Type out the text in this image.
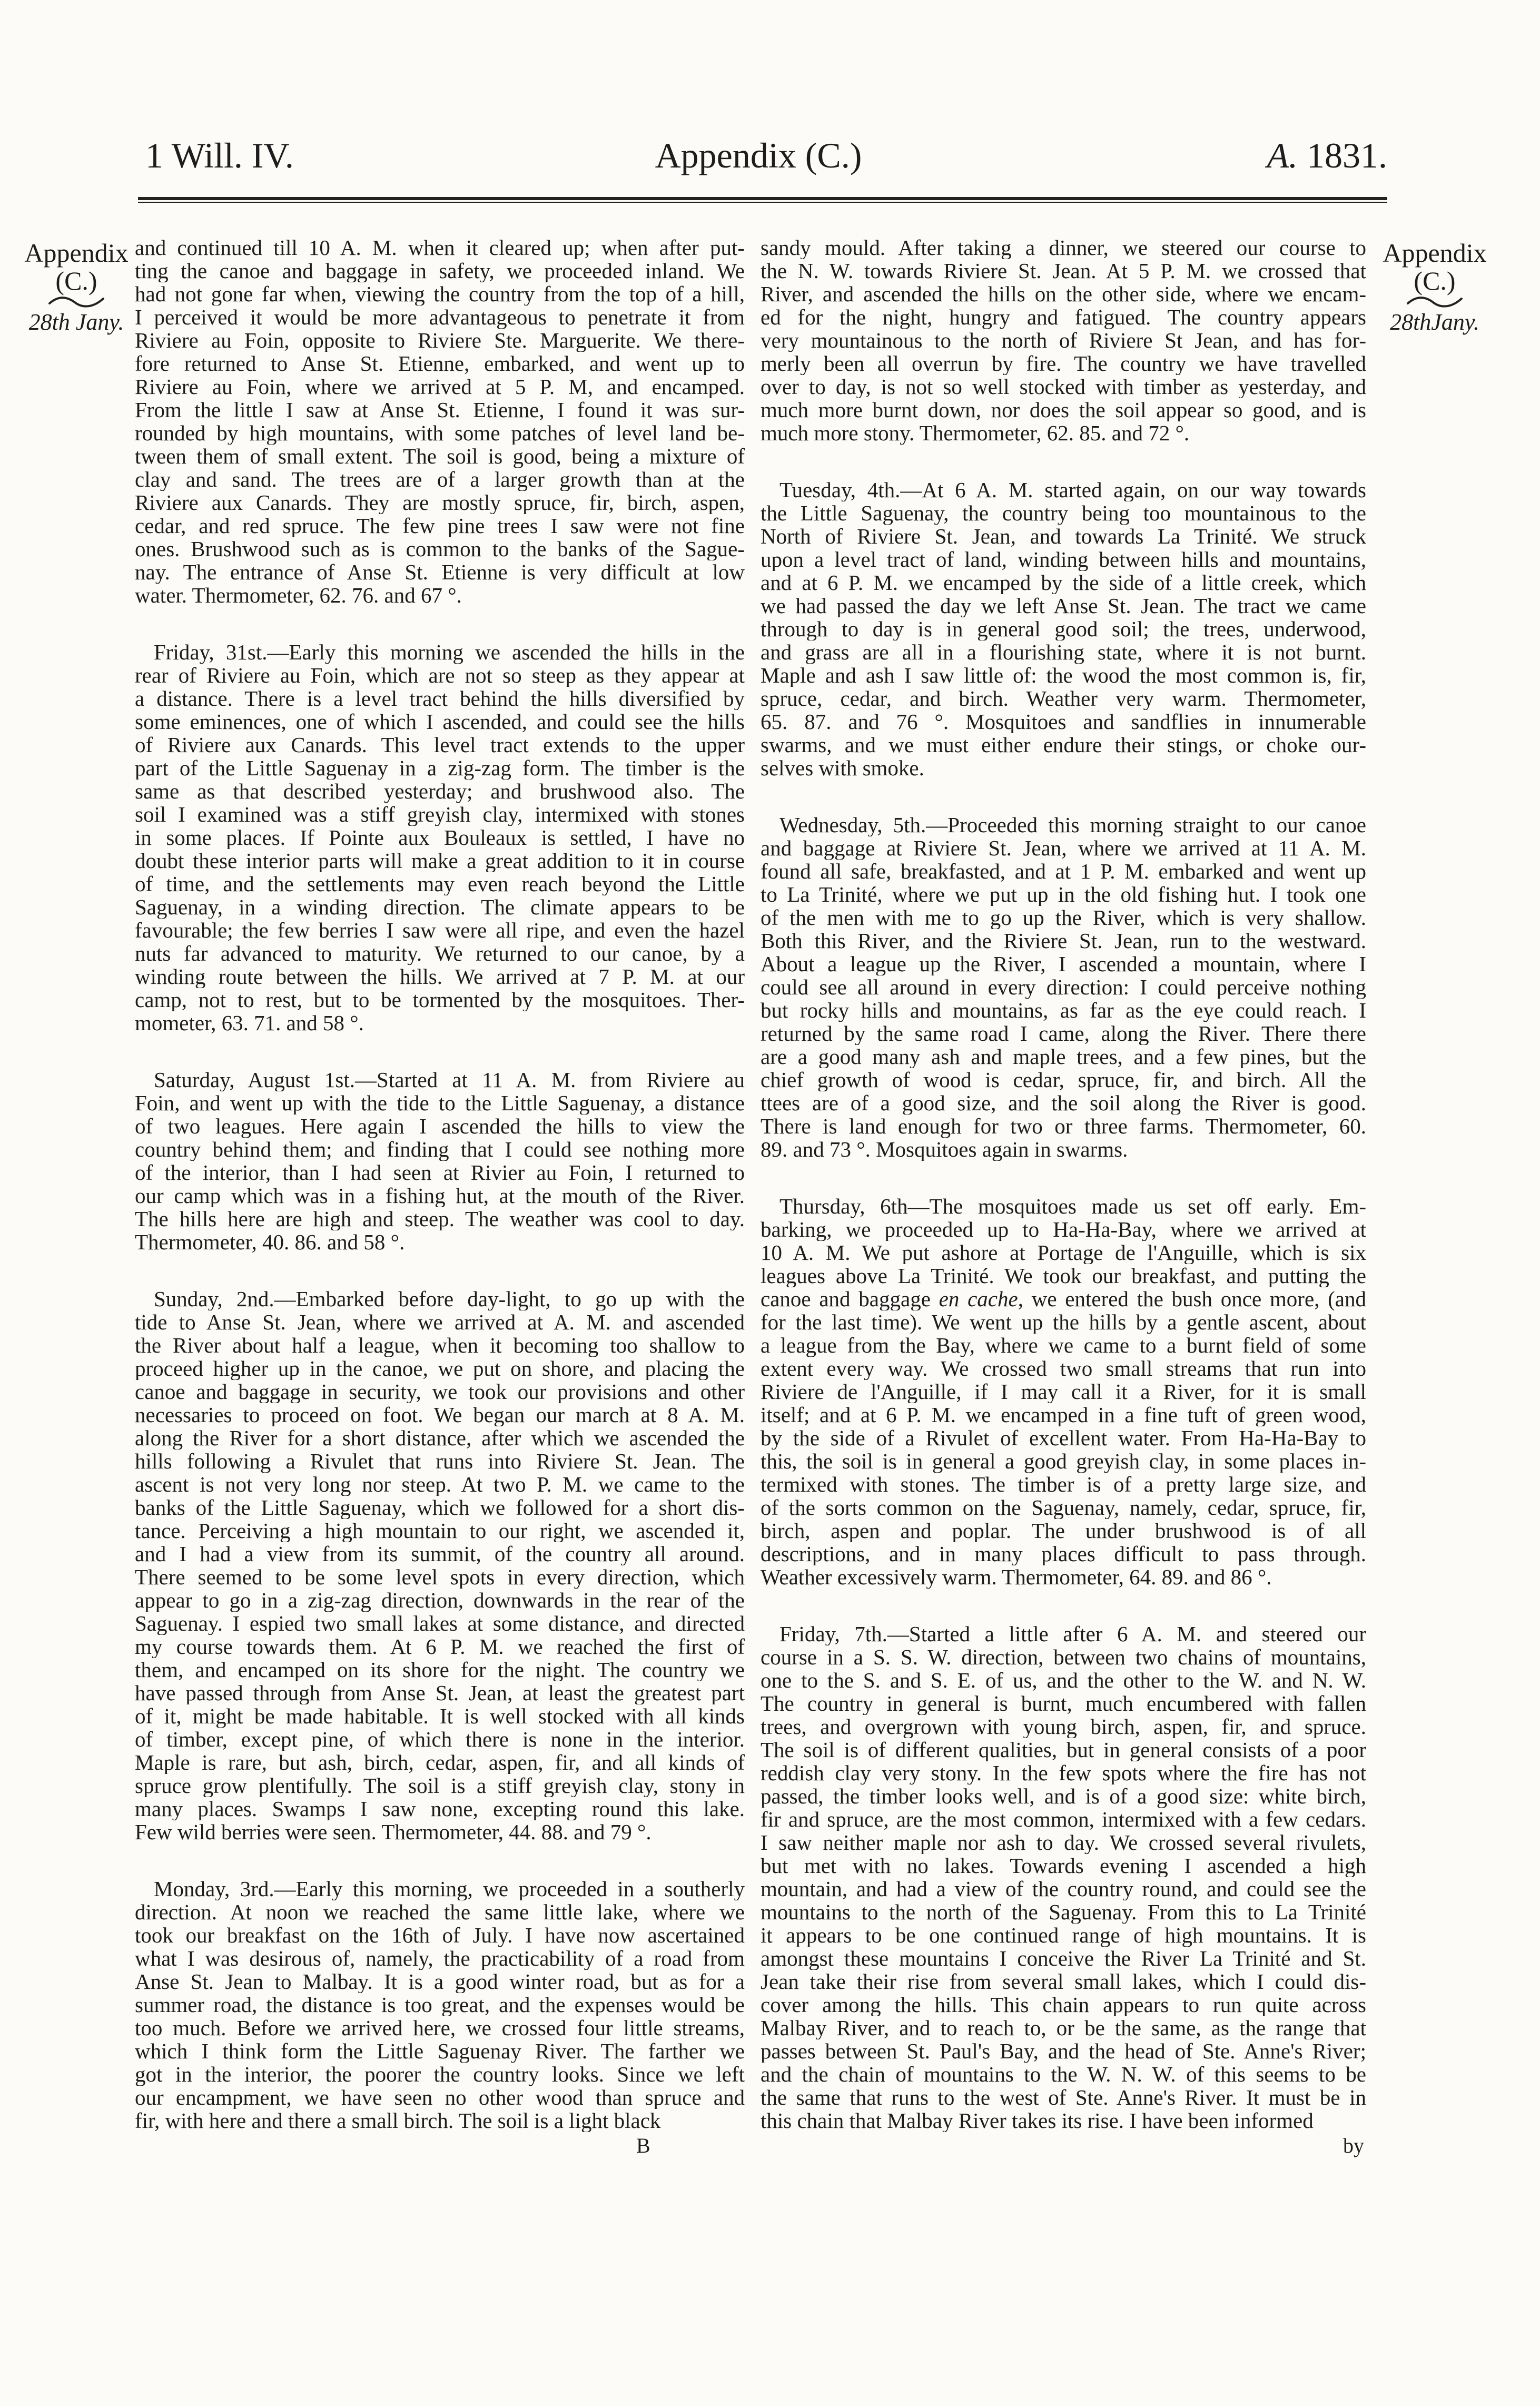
1 Will. IV.	Appendix (C.)	A. 1831.
Appendix
(C.)
28th Jany.
Appendix
(C.)
28thJany.
and continued till 10 A. M. when it cleared up; when after put-
ting the canoe and baggage in safety, we proceeded inland. We
had not gone far when, viewing the country from the top of a hill,
I perceived it would be more advantageous to penetrate it from
Riviere au Foin, opposite to Riviere Ste. Marguerite. We there-
fore returned to Anse St. Etienne, embarked, and went up to
Riviere au Foin, where we arrived at 5 P. M, and encamped.
From the little I saw at Anse St. Etienne, I found it was sur-
rounded by high mountains, with some patches of level land be-
tween them of small extent. The soil is good, being a mixture of
clay and sand. The trees are of a larger growth than at the
Riviere aux Canards. They are mostly spruce, fir, birch, aspen,
cedar, and red spruce. The few pine trees I saw were not fine
ones. Brushwood such as is common to the banks of the Sague-
nay. The entrance of Anse St. Etienne is very difficult at low
water. Thermometer, 62. 76. and 67 °.
Friday, 31st.—Early this morning we ascended the hills in the
rear of Riviere au Foin, which are not so steep as they appear at
a distance. There is a level tract behind the hills diversified by
some eminences, one of which I ascended, and could see the hills
of Riviere aux Canards. This level tract extends to the upper
part of the Little Saguenay in a zig-zag form. The timber is the
same as that described yesterday; and brushwood also. The
soil I examined was a stiff greyish clay, intermixed with stones
in some places. If Pointe aux Bouleaux is settled, I have no
doubt these interior parts will make a great addition to it in course
of time, and the settlements may even reach beyond the Little
Saguenay, in a winding direction. The climate appears to be
favourable; the few berries I saw were all ripe, and even the hazel
nuts far advanced to maturity. We returned to our canoe, by a
winding route between the hills. We arrived at 7 P. M. at our
camp, not to rest, but to be tormented by the mosquitoes. Ther-
mometer, 63. 71. and 58 °.
Saturday, August 1st.—Started at 11 A. M. from Riviere au
Foin, and went up with the tide to the Little Saguenay, a distance
of two leagues. Here again I ascended the hills to view the
country behind them; and finding that I could see nothing more
of the interior, than I had seen at Rivier au Foin, I returned to
our camp which was in a fishing hut, at the mouth of the River.
The hills here are high and steep. The weather was cool to day.
Thermometer, 40. 86. and 58 °.
Sunday, 2nd.—Embarked before day-light, to go up with the
tide to Anse St. Jean, where we arrived at A. M. and ascended
the River about half a league, when it becoming too shallow to
proceed higher up in the canoe, we put on shore, and placing the
canoe and baggage in security, we took our provisions and other
necessaries to proceed on foot. We began our march at 8 A. M.
along the River for a short distance, after which we ascended the
hills following a Rivulet that runs into Riviere St. Jean. The
ascent is not very long nor steep. At two P. M. we came to the
banks of the Little Saguenay, which we followed for a short dis-
tance. Perceiving a high mountain to our right, we ascended it,
and I had a view from its summit, of the country all around.
There seemed to be some level spots in every direction, which
appear to go in a zig-zag direction, downwards in the rear of the
Saguenay. I espied two small lakes at some distance, and directed
my course towards them. At 6 P. M. we reached the first of
them, and encamped on its shore for the night. The country we
have passed through from Anse St. Jean, at least the greatest part
of it, might be made habitable. It is well stocked with all kinds
of timber, except pine, of which there is none in the interior.
Maple is rare, but ash, birch, cedar, aspen, fir, and all kinds of
spruce grow plentifully. The soil is a stiff greyish clay, stony in
many places. Swamps I saw none, excepting round this lake.
Few wild berries were seen. Thermometer, 44. 88. and 79 °.
Monday, 3rd.—Early this morning, we proceeded in a southerly
direction. At noon we reached the same little lake, where we
took our breakfast on the 16th of July. I have now ascertained
what I was desirous of, namely, the practicability of a road from
Anse St. Jean to Malbay. It is a good winter road, but as for a
summer road, the distance is too great, and the expenses would be
too much. Before we arrived here, we crossed four little streams,
which I think form the Little Saguenay River. The farther we
got in the interior, the poorer the country looks. Since we left
our encampment, we have seen no other wood than spruce and
fir, with here and there a small birch. The soil is a light black
sandy mould. After taking a dinner, we steered our course to
the N. W. towards Riviere St. Jean. At 5 P. M. we crossed that
River, and ascended the hills on the other side, where we encam-
ed for the night, hungry and fatigued. The country appears
very mountainous to the north of Riviere St Jean, and has for-
merly been all overrun by fire. The country we have travelled
over to day, is not so well stocked with timber as yesterday, and
much more burnt down, nor does the soil appear so good, and is
much more stony. Thermometer, 62. 85. and 72 °.
Tuesday, 4th.—At 6 A. M. started again, on our way towards
the Little Saguenay, the country being too mountainous to the
North of Riviere St. Jean, and towards La Trinité. We struck
upon a level tract of land, winding between hills and mountains,
and at 6 P. M. we encamped by the side of a little creek, which
we had passed the day we left Anse St. Jean. The tract we came
through to day is in general good soil; the trees, underwood,
and grass are all in a flourishing state, where it is not burnt.
Maple and ash I saw little of: the wood the most common is, fir,
spruce, cedar, and birch. Weather very warm. Thermometer,
65. 87. and 76 °. Mosquitoes and sandflies in innumerable
swarms, and we must either endure their stings, or choke our-
selves with smoke.
Wednesday, 5th.—Proceeded this morning straight to our canoe
and baggage at Riviere St. Jean, where we arrived at 11 A. M.
found all safe, breakfasted, and at 1 P. M. embarked and went up
to La Trinité, where we put up in the old fishing hut. I took one
of the men with me to go up the River, which is very shallow.
Both this River, and the Riviere St. Jean, run to the westward.
About a league up the River, I ascended a mountain, where I
could see all around in every direction: I could perceive nothing
but rocky hills and mountains, as far as the eye could reach. I
returned by the same road I came, along the River. There there
are a good many ash and maple trees, and a few pines, but the
chief growth of wood is cedar, spruce, fir, and birch. All the
ttees are of a good size, and the soil along the River is good.
There is land enough for two or three farms. Thermometer, 60.
89. and 73 °. Mosquitoes again in swarms.
Thursday, 6th—The mosquitoes made us set off early. Em-
barking, we proceeded up to Ha-Ha-Bay, where we arrived at
10 A. M. We put ashore at Portage de l'Anguille, which is six
leagues above La Trinité. We took our breakfast, and putting the
canoe and baggage en cache, we entered the bush once more, (and
for the last time). We went up the hills by a gentle ascent, about
a league from the Bay, where we came to a burnt field of some
extent every way. We crossed two small streams that run into
Riviere de l'Anguille, if I may call it a River, for it is small
itself; and at 6 P. M. we encamped in a fine tuft of green wood,
by the side of a Rivulet of excellent water. From Ha-Ha-Bay to
this, the soil is in general a good greyish clay, in some places in-
termixed with stones. The timber is of a pretty large size, and
of the sorts common on the Saguenay, namely, cedar, spruce, fir,
birch, aspen and poplar. The under brushwood is of all
descriptions, and in many places difficult to pass through.
Weather excessively warm. Thermometer, 64. 89. and 86 °.
Friday, 7th.—Started a little after 6 A. M. and steered our
course in a S. S. W. direction, between two chains of mountains,
one to the S. and S. E. of us, and the other to the W. and N. W.
The country in general is burnt, much encumbered with fallen
trees, and overgrown with young birch, aspen, fir, and spruce.
The soil is of different qualities, but in general consists of a poor
reddish clay very stony. In the few spots where the fire has not
passed, the timber looks well, and is of a good size: white birch,
fir and spruce, are the most common, intermixed with a few cedars.
I saw neither maple nor ash to day. We crossed several rivulets,
but met with no lakes. Towards evening I ascended a high
mountain, and had a view of the country round, and could see the
mountains to the north of the Saguenay. From this to La Trinité
it appears to be one continued range of high mountains. It is
amongst these mountains I conceive the River La Trinité and St.
Jean take their rise from several small lakes, which I could dis-
cover among the hills. This chain appears to run quite across
Malbay River, and to reach to, or be the same, as the range that
passes between St. Paul's Bay, and the head of Ste. Anne's River;
and the chain of mountains to the W. N. W. of this seems to be
the same that runs to the west of Ste. Anne's River. It must be in
this chain that Malbay River takes its rise. I have been informed
B	by
